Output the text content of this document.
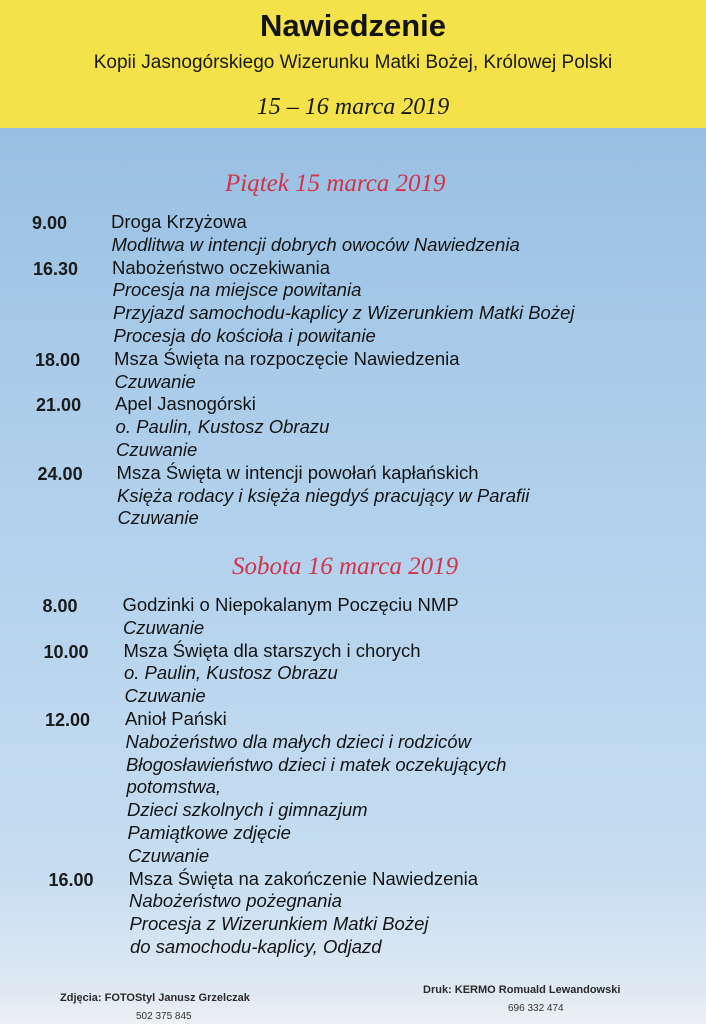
Nawiedzenie
Kopii Jasnogórskiego Wizerunku Matki Bożej, Królowej Polski
15 – 16 marca 2019
Piątek 15 marca 2019
Sobota 16 marca 2019
9.00 Droga Krzyżowa
Modlitwa w intencji dobrych owoców Nawiedzenia
16.30 Nabożeństwo oczekiwania
Procesja na miejsce powitania
Przyjazd samochodu-kaplicy z Wizerunkiem Matki Bożej
Procesja do kościoła i powitanie
18.00 Msza Święta na rozpoczęcie Nawiedzenia
Czuwanie
21.00 Apel Jasnogórski
o. Paulin, Kustosz Obrazu
Czuwanie
24.00 Msza Święta w intencji powołań kapłańskich
Księża rodacy i księża niegdyś pracujący w Parafii
Czuwanie
8.00 Godzinki o Niepokalanym Poczęciu NMP
Czuwanie
10.00 Msza Święta dla starszych i chorych
o. Paulin, Kustosz Obrazu
Czuwanie
12.00 Anioł Pański
Nabożeństwo dla małych dzieci i rodziców
Błogosławieństwo dzieci i matek oczekujących
potomstwa,
Dzieci szkolnych i gimnazjum
Pamiątkowe zdjęcie
Czuwanie
16.00 Msza Święta na zakończenie Nawiedzenia
Nabożeństwo pożegnania
Procesja z Wizerunkiem Matki Bożej
do samochodu-kaplicy, Odjazd
Zdjęcia: FOTOStyl Janusz Grzelczak
502 375 845
Druk: KERMO Romuald Lewandowski
696 332 474
